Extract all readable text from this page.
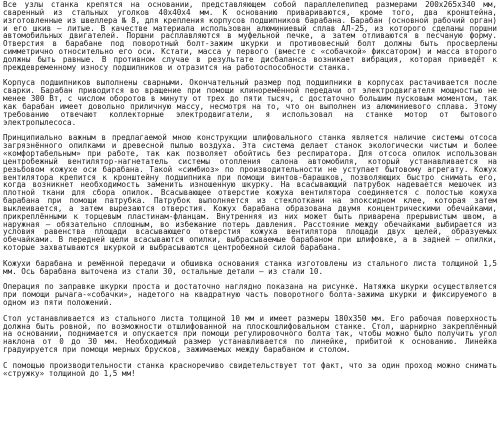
Все узлы станка крепятся на основании, представляющем собой параллелепипед размерами 200x265x340 мм, сваренный из стальных уголков 40x40x4 мм. К основанию привариваются, кроме того, два кронштейна, изготовленные из швеллера № 8, для крепления корпусов подшипников барабана. Барабан (основной рабочий орган) и его шкив — литые. В качестве материала использован алюминиевый сплав АЛ-25, из которого сделаны поршни автомобильных двигателей. Поршни расплавляются в муфельной печке, а затем отливаются в песчаную форму. Отверстия в барабане под поворотный болт-зажим шкурки и противовесный болт должны быть просверлены симметрично относительно его оси. Кстати, масса у первого (вместе с «собачкой» фиксатором) и масса второго должны быть равные. В противном случае в результате дисбаланса возникает вибрация, которая приведёт к преждевременному износу подшипников и отразится на работоспособности станка.

Корпуса подшипников выполнены сварными. Окончательный размер под подшипники в корпусах растачивается после сварки. Барабан приводится во вращение при помощи клиноремённой передачи от электродвигателя мощностью не менее 300 Вт, с числом оборотов в минуту от трех до пяти тысяч, с достаточно большим пусковым моментом, так как барабан имеет довольно приличную массу, несмотря на то, что он выполнен из алюминиевого сплава. Этому требованию отвечают коллекторные электродвигатели, я использовал на станке мотор от бытового электропылесоса.

Принципиально важным в предлагаемой мною конструкции шлифовального станка является наличие системы отсоса загрязнённого опилками и древесной пылью воздуха. Эта система делает станок экологически чистым и более «комфортабельным» при работе, так как позволяет обойтись без респиратора. Для отсоса опилок использован центробежный вентилятор-нагнетатель системы отопления салона автомобиля, который устанавливается на резьбовом кожухе оси барабана. Такой «симбиоз» по производительности не уступает бытовому агрегату. Кожух вентилятора крепится к кронштейну подшипника при помощи винтов-барашков, позволяющих быстро снимать его, когда возникнет необходимость заменить изношенную шкурку. На всасывающий патрубок надевается мешочек из плотной ткани для сбора опилок. Всасывающее отверстие кожуха вентилятора соединяется с полостью кожуха барабана при помощи патрубка. Патрубок выполняется из стеклоткани на эпоксидном клее, которая затем выклеивается, а затем вырезаются отверстия. Кожух барабана образована двумя концентрическими обечайками, прикреплёнными к торцевым пластинам-фланцам. Внутренняя из них может быть приварена прерывистым швом, а наружная — обязательно сплошным, во избежание потерь давления. Расстояние между обечайками выбирается из условия равенства площади всасывающего отверстия кожуха вентилятора площади двух щелей, образуемых обечайками. В передней щели всасываются опилки, выбрасываемые барабаном при шлифовке, а в задней — опилки, которые захватываются шкуркой и выбрасываются центробежной силой барабана.

Кожухи барабана и ремённой передачи и обшивка основания станка изготовлены из стального листа толщиной 1,5 мм. Ось барабана выточена из стали 30, остальные детали — из стали 10.

Операция по заправке шкурки проста и достаточно наглядно показана на рисунке. Натяжка шкурки осуществляется при помощи рычага-«собачки», надетого на квадратную часть поворотного болта-зажима шкурки и фиксируемого в одном из пяти положений.

Стол устанавливается из стального листа толщиной 10 мм и имеет размеры 180x350 мм. Его рабочая поверхность должна быть ровной, по возможности отшлифованной на плоскошлифовальном станке. Стол, шарнирно закреплённый на основании, поднимается и опускается при помощи регулировочного болта так, чтобы можно было получить угол наклона от 0 до 30 мм. Необходимый размер устанавливается по линейке, прибитой к основанию. Линейка градуируется при помощи мерных брусков, зажимаемых между барабаном и столом.

С помощью производительности станка красноречиво свидетельствует тот факт, что за один проход можно снимать «стружку» толщиной до 1,5 мм!
